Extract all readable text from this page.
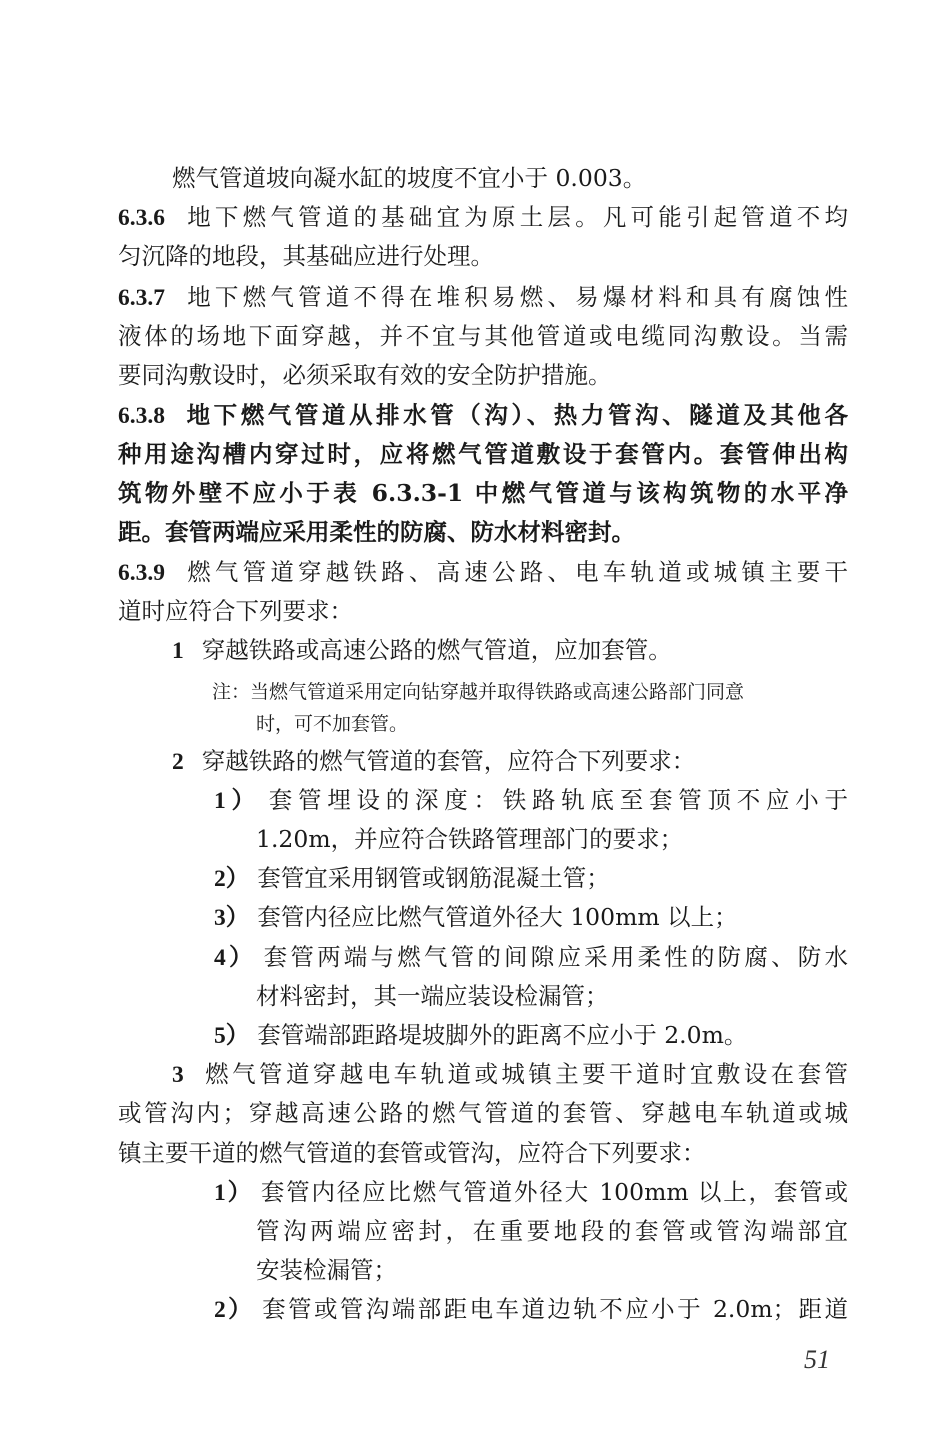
燃气管道坡向凝水缸的坡度不宜小于 0.003。
6.3.6 地下燃气管道的基础宜为原土层。凡可能引起管道不均
匀沉降的地段，其基础应进行处理。
6.3.7 地下燃气管道不得在堆积易燃、易爆材料和具有腐蚀性
液体的场地下面穿越，并不宜与其他管道或电缆同沟敷设。当需
要同沟敷设时，必须采取有效的安全防护措施。
6.3.8 地下燃气管道从排水管（沟）、热力管沟、隧道及其他各
种用途沟槽内穿过时，应将燃气管道敷设于套管内。套管伸出构
筑物外壁不应小于表 6.3.3-1 中燃气管道与该构筑物的水平净
距。套管两端应采用柔性的防腐、防水材料密封。
6.3.9 燃气管道穿越铁路、高速公路、电车轨道或城镇主要干
道时应符合下列要求：
1 穿越铁路或高速公路的燃气管道，应加套管。
注：当燃气管道采用定向钻穿越并取得铁路或高速公路部门同意
时，可不加套管。
2 穿越铁路的燃气管道的套管，应符合下列要求：
1） 套管埋设的深度：铁路轨底至套管顶不应小于
1.20m，并应符合铁路管理部门的要求；
2） 套管宜采用钢管或钢筋混凝土管；
3） 套管内径应比燃气管道外径大 100mm 以上；
4） 套管两端与燃气管的间隙应采用柔性的防腐、防水
材料密封，其一端应装设检漏管；
5） 套管端部距路堤坡脚外的距离不应小于 2.0m。
3 燃气管道穿越电车轨道或城镇主要干道时宜敷设在套管
或管沟内；穿越高速公路的燃气管道的套管、穿越电车轨道或城
镇主要干道的燃气管道的套管或管沟，应符合下列要求：
1） 套管内径应比燃气管道外径大 100mm 以上，套管或
管沟两端应密封，在重要地段的套管或管沟端部宜
安装检漏管；
2） 套管或管沟端部距电车道边轨不应小于 2.0m；距道
51
